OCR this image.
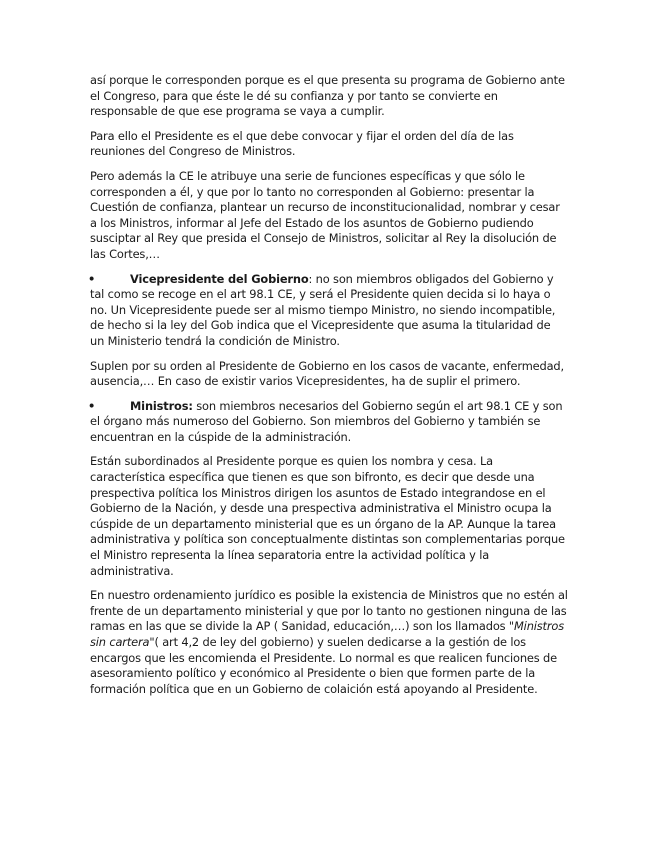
así porque le corresponden porque es el que presenta su programa de Gobierno ante el Congreso, para que éste le dé su confianza y por tanto se convierte en responsable de que ese programa se vaya a cumplir.

Para ello el Presidente es el que debe convocar y fijar el orden del día de las reuniones del Congreso de Ministros.

Pero además la CE le atribuye una serie de funciones específicas y que sólo le corresponden a él, y que por lo tanto no corresponden al Gobierno: presentar la Cuestión de confianza, plantear un recurso de inconstitucionalidad, nombrar y cesar a los Ministros, informar al Jefe del Estado de los asuntos de Gobierno pudiendo susciptar al Rey que presida el Consejo de Ministros, solicitar al Rey la disolución de las Cortes,…

•	Vicepresidente del Gobierno: no son miembros obligados del Gobierno y tal como se recoge en el art 98.1 CE, y será el Presidente quien decida si lo haya o no. Un Vicepresidente puede ser al mismo tiempo Ministro, no siendo incompatible, de hecho si la ley del Gob indica que el Vicepresidente que asuma la titularidad de un Ministerio tendrá la condición de Ministro.

Suplen por su orden al Presidente de Gobierno en los casos de vacante, enfermedad, ausencia,… En caso de existir varios Vicepresidentes, ha de suplir el primero.

•	Ministros: son miembros necesarios del Gobierno según el art 98.1 CE y son el órgano más numeroso del Gobierno. Son miembros del Gobierno y también se encuentran en la cúspide de la administración.

Están subordinados al Presidente porque es quien los nombra y cesa. La característica específica que tienen es que son bifronto, es decir que desde una prespectiva política los Ministros dirigen los asuntos de Estado integrandose en el Gobierno de la Nación, y desde una prespectiva administrativa el Ministro ocupa la cúspide de un departamento ministerial que es un órgano de la AP. Aunque la tarea administrativa y política son conceptualmente distintas son complementarias porque el Ministro representa la línea separatoria entre la actividad política y la administrativa.

En nuestro ordenamiento jurídico es posible la existencia de Ministros que no estén al frente de un departamento ministerial y que por lo tanto no gestionen ninguna de las ramas en las que se divide la AP ( Sanidad, educación,…) son los llamados "Ministros sin cartera"( art 4,2 de ley del gobierno) y suelen dedicarse a la gestión de los encargos que les encomienda el Presidente. Lo normal es que realicen funciones de asesoramiento político y económico al Presidente o bien que formen parte de la formación política que en un Gobierno de colaición está apoyando al Presidente.
